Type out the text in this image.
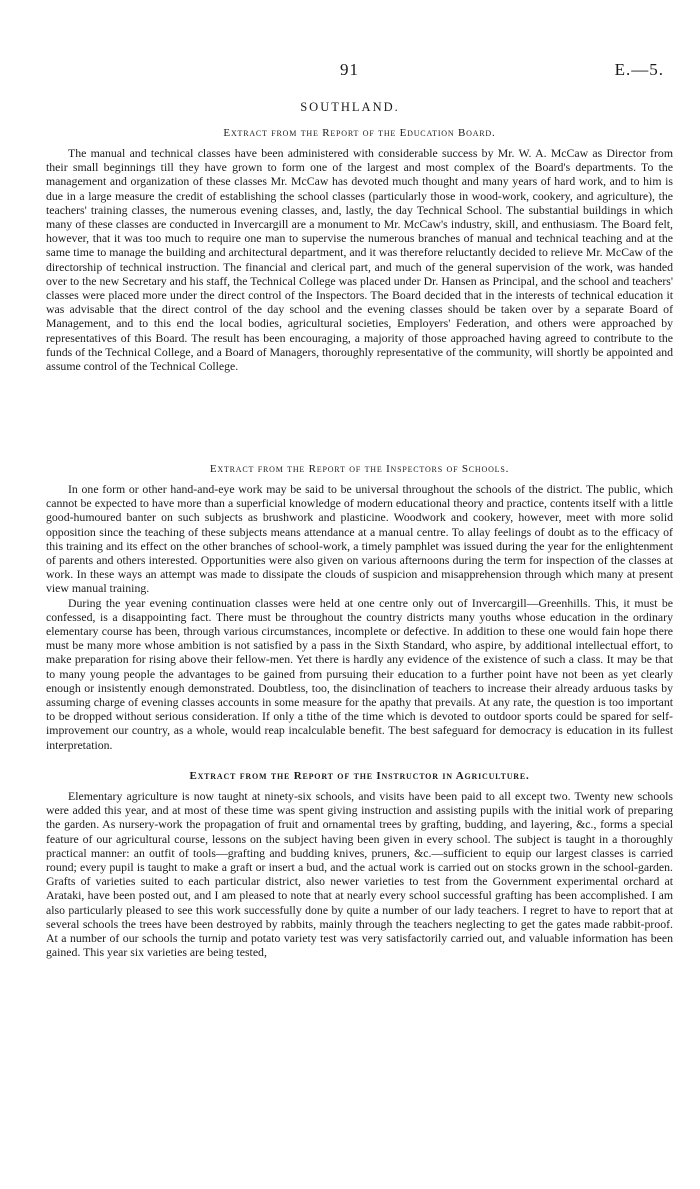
91	E.—5.
SOUTHLAND.

Extract from the Report of the Education Board.

The manual and technical classes have been administered with considerable success by Mr. W. A. McCaw as Director from their small beginnings till they have grown to form one of the largest and most complex of the Board's departments. To the management and organization of these classes Mr. McCaw has devoted much thought and many years of hard work, and to him is due in a large measure the credit of establishing the school classes (particularly those in wood-work, cookery, and agriculture), the teachers' training classes, the numerous evening classes, and, lastly, the day Technical School. The substantial buildings in which many of these classes are conducted in Invercargill are a monument to Mr. McCaw's industry, skill, and enthusiasm. The Board felt, however, that it was too much to require one man to supervise the numerous branches of manual and technical teaching and at the same time to manage the building and architectural department, and it was therefore reluctantly decided to relieve Mr. McCaw of the directorship of technical instruction. The financial and clerical part, and much of the general supervision of the work, was handed over to the new Secretary and his staff, the Technical College was placed under Dr. Hansen as Principal, and the school and teachers' classes were placed more under the direct control of the Inspectors. The Board decided that in the interests of technical education it was advisable that the direct control of the day school and the evening classes should be taken over by a separate Board of Management, and to this end the local bodies, agricultural societies, Employers' Federation, and others were approached by representatives of this Board. The result has been encouraging, a majority of those approached having agreed to contribute to the funds of the Technical College, and a Board of Managers, thoroughly representative of the community, will shortly be appointed and assume control of the Technical College.

Extract from the Report of the Inspectors of Schools.

In one form or other hand-and-eye work may be said to be universal throughout the schools of the district. The public, which cannot be expected to have more than a superficial knowledge of modern educational theory and practice, contents itself with a little good-humoured banter on such subjects as brushwork and plasticine. Woodwork and cookery, however, meet with more solid opposition since the teaching of these subjects means attendance at a manual centre. To allay feelings of doubt as to the efficacy of this training and its effect on the other branches of school-work, a timely pamphlet was issued during the year for the enlightenment of parents and others interested. Opportunities were also given on various afternoons during the term for inspection of the classes at work. In these ways an attempt was made to dissipate the clouds of suspicion and misapprehension through which many at present view manual training.

During the year evening continuation classes were held at one centre only out of Invercargill—Greenhills. This, it must be confessed, is a disappointing fact. There must be throughout the country districts many youths whose education in the ordinary elementary course has been, through various circumstances, incomplete or defective. In addition to these one would fain hope there must be many more whose ambition is not satisfied by a pass in the Sixth Standard, who aspire, by additional intellectual effort, to make preparation for rising above their fellow-men. Yet there is hardly any evidence of the existence of such a class. It may be that to many young people the advantages to be gained from pursuing their education to a further point have not been as yet clearly enough or insistently enough demonstrated. Doubtless, too, the disinclination of teachers to increase their already arduous tasks by assuming charge of evening classes accounts in some measure for the apathy that prevails. At any rate, the question is too important to be dropped without serious consideration. If only a tithe of the time which is devoted to outdoor sports could be spared for self-improvement our country, as a whole, would reap incalculable benefit. The best safeguard for democracy is education in its fullest interpretation.

Extract from the Report of the Instructor in Agriculture.

Elementary agriculture is now taught at ninety-six schools, and visits have been paid to all except two. Twenty new schools were added this year, and at most of these time was spent giving instruction and assisting pupils with the initial work of preparing the garden. As nursery-work the propagation of fruit and ornamental trees by grafting, budding, and layering, &c., forms a special feature of our agricultural course, lessons on the subject having been given in every school. The subject is taught in a thoroughly practical manner: an outfit of tools—grafting and budding knives, pruners, &c.—sufficient to equip our largest classes is carried round; every pupil is taught to make a graft or insert a bud, and the actual work is carried out on stocks grown in the school-garden. Grafts of varieties suited to each particular district, also newer varieties to test from the Government experimental orchard at Arataki, have been posted out, and I am pleased to note that at nearly every school successful grafting has been accomplished. I am also particularly pleased to see this work successfully done by quite a number of our lady teachers. I regret to have to report that at several schools the trees have been destroyed by rabbits, mainly through the teachers neglecting to get the gates made rabbit-proof. At a number of our schools the turnip and potato variety test was very satisfactorily carried out, and valuable information has been gained. This year six varieties are being tested,
